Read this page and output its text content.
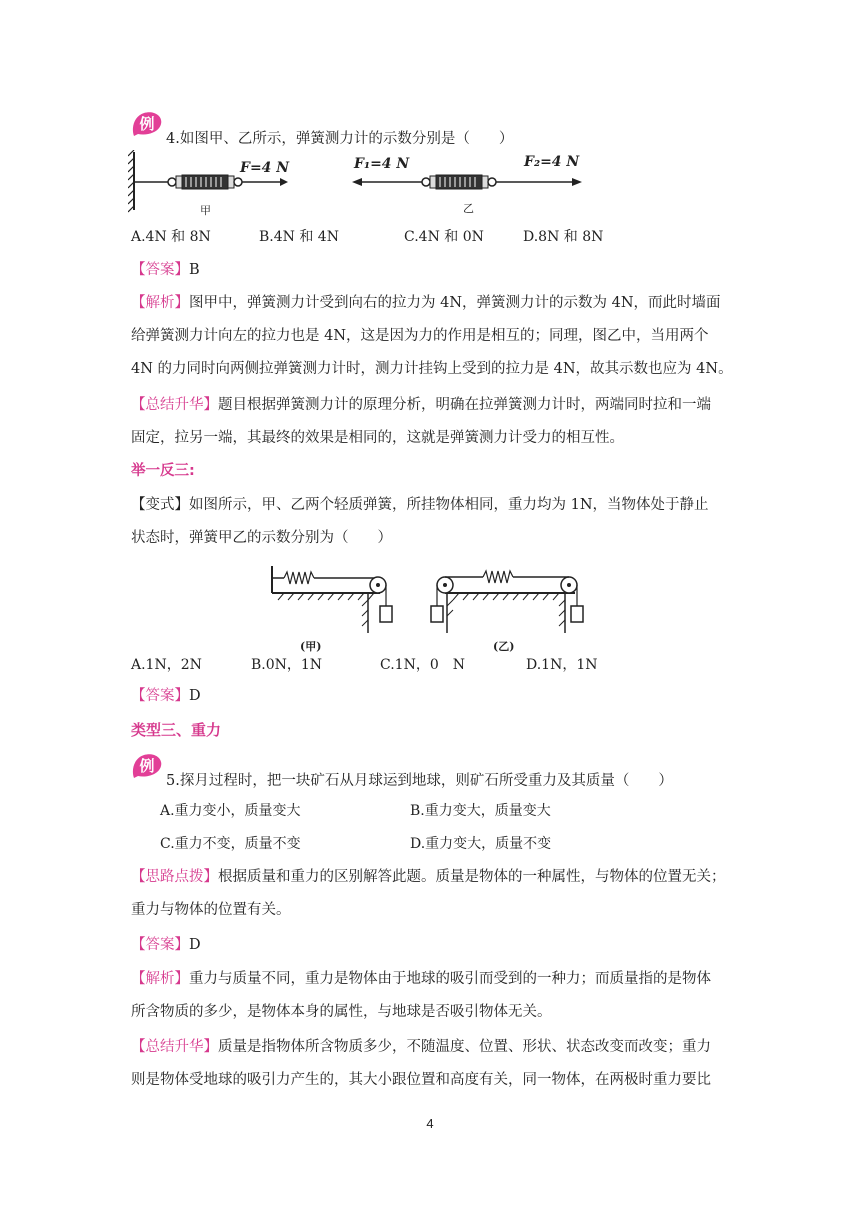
例
4.如图甲、乙所示，弹簧测力计的示数分别是（　　）
F=4 N
甲
F₁=4 N	F₂=4 N
乙
A.4N 和 8N	B.4N 和 4N	C.4N 和 0N	D.8N 和 8N
【答案】B
【解析】图甲中，弹簧测力计受到向右的拉力为 4N，弹簧测力计的示数为 4N，而此时墙面
给弹簧测力计向左的拉力也是 4N，这是因为力的作用是相互的；同理，图乙中，当用两个
4N 的力同时向两侧拉弹簧测力计时，测力计挂钩上受到的拉力是 4N，故其示数也应为 4N。
【总结升华】题目根据弹簧测力计的原理分析，明确在拉弹簧测力计时，两端同时拉和一端
固定，拉另一端，其最终的效果是相同的，这就是弹簧测力计受力的相互性。
举一反三:
【变式】如图所示，甲、乙两个轻质弹簧，所挂物体相同，重力均为 1N，当物体处于静止
状态时，弹簧甲乙的示数分别为（　　）
(甲)	(乙)
A.1N，2N	B.0N，1N	C.1N，0　N	D.1N，1N
【答案】D
类型三、重力
例
5.探月过程时，把一块矿石从月球运到地球，则矿石所受重力及其质量（　　）
A.重力变小，质量变大	B.重力变大，质量变大
C.重力不变，质量不变	D.重力变大，质量不变
【思路点拨】根据质量和重力的区别解答此题。质量是物体的一种属性，与物体的位置无关；
重力与物体的位置有关。
【答案】D
【解析】重力与质量不同，重力是物体由于地球的吸引而受到的一种力；而质量指的是物体
所含物质的多少，是物体本身的属性，与地球是否吸引物体无关。
【总结升华】质量是指物体所含物质多少，不随温度、位置、形状、状态改变而改变；重力
则是物体受地球的吸引力产生的，其大小跟位置和高度有关，同一物体，在两极时重力要比
4
